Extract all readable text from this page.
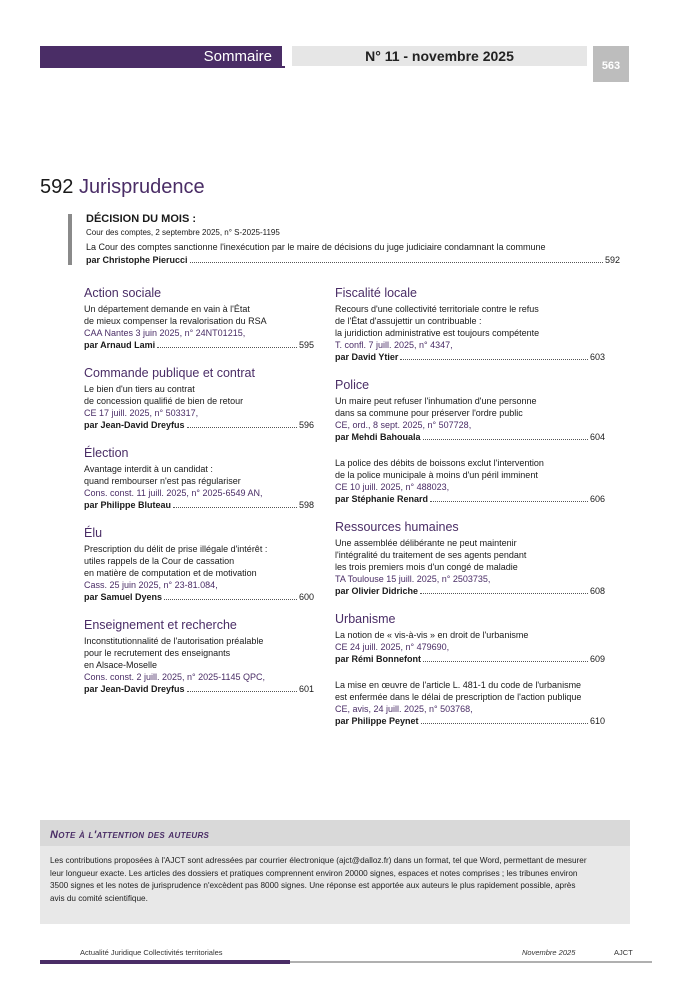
Sommaire	N° 11 - novembre 2025
563
592 Jurisprudence
DÉCISION DU MOIS :
Cour des comptes, 2 septembre 2025, n° S-2025-1195
La Cour des comptes sanctionne l'inexécution par le maire de décisions du juge judiciaire condamnant la commune
par Christophe Pierucci	592
Action sociale
Un département demande en vain à l'État
de mieux compenser la revalorisation du RSA
CAA Nantes 3 juin 2025, n° 24NT01215,
par Arnaud Lami	595
Commande publique et contrat
Le bien d'un tiers au contrat
de concession qualifié de bien de retour
CE 17 juill. 2025, n° 503317,
par Jean-David Dreyfus	596
Élection
Avantage interdit à un candidat :
quand rembourser n'est pas régulariser
Cons. const. 11 juill. 2025, n° 2025-6549 AN,
par Philippe Bluteau	598
Élu
Prescription du délit de prise illégale d'intérêt :
utiles rappels de la Cour de cassation
en matière de computation et de motivation
Cass. 25 juin 2025, n° 23-81.084,
par Samuel Dyens	600
Enseignement et recherche
Inconstitutionnalité de l'autorisation préalable
pour le recrutement des enseignants
en Alsace-Moselle
Cons. const. 2 juill. 2025, n° 2025-1145 QPC,
par Jean-David Dreyfus	601
Fiscalité locale
Recours d'une collectivité territoriale contre le refus
de l'État d'assujettir un contribuable :
la juridiction administrative est toujours compétente
T. confl. 7 juill. 2025, n° 4347,
par David Ytier	603
Police
Un maire peut refuser l'inhumation d'une personne
dans sa commune pour préserver l'ordre public
CE, ord., 8 sept. 2025, n° 507728,
par Mehdi Bahouala	604
La police des débits de boissons exclut l'intervention
de la police municipale à moins d'un péril imminent
CE 10 juill. 2025, n° 488023,
par Stéphanie Renard	606
Ressources humaines
Une assemblée délibérante ne peut maintenir
l'intégralité du traitement de ses agents pendant
les trois premiers mois d'un congé de maladie
TA Toulouse 15 juill. 2025, n° 2503735,
par Olivier Didriche	608
Urbanisme
La notion de « vis-à-vis » en droit de l'urbanisme
CE 24 juill. 2025, n° 479690,
par Rémi Bonnefont	609
La mise en œuvre de l'article L. 481-1 du code de l'urbanisme
est enfermée dans le délai de prescription de l'action publique
CE, avis, 24 juill. 2025, n° 503768,
par Philippe Peynet	610
Note à l'attention des auteurs
Les contributions proposées à l'AJCT sont adressées par courrier électronique (ajct@dalloz.fr) dans un format, tel que Word, permettant de mesurer
leur longueur exacte. Les articles des dossiers et pratiques comprennent environ 20000 signes, espaces et notes comprises ; les tribunes environ
3500 signes et les notes de jurisprudence n'excèdent pas 8000 signes. Une réponse est apportée aux auteurs le plus rapidement possible, après
avis du comité scientifique.
Actualité Juridique Collectivités territoriales	Novembre 2025	AJCT
